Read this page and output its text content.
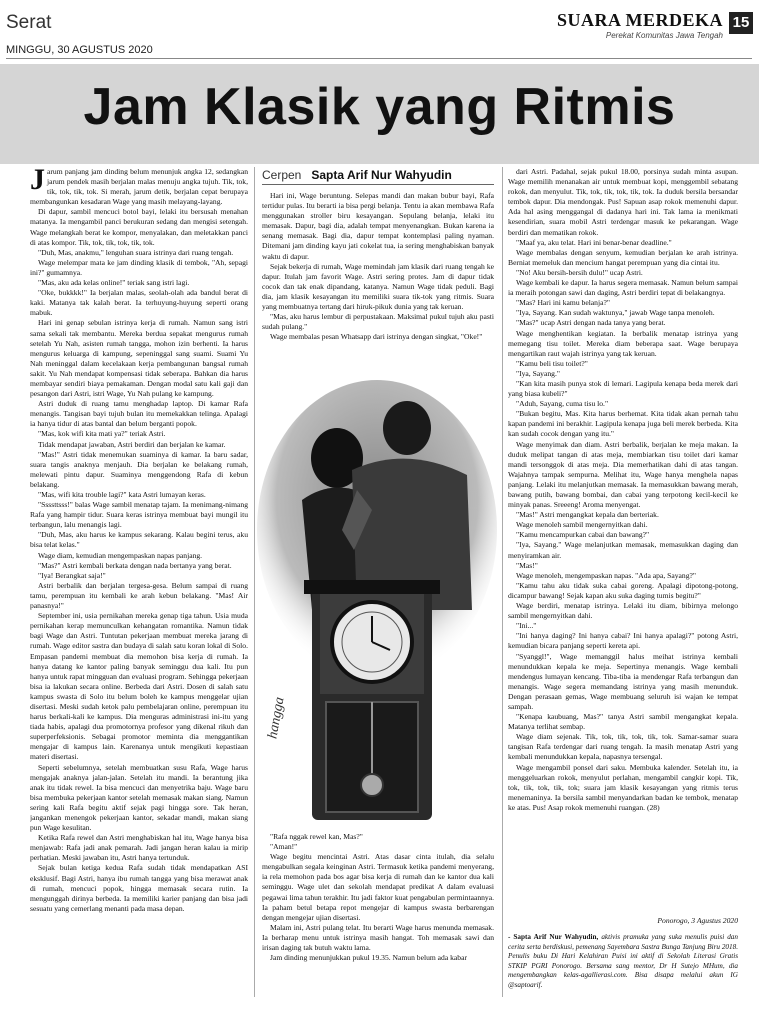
Serat
MINGGU, 30 AGUSTUS 2020
SUARA MERDEKA
Perekat Komunitas Jawa Tengah
15
Jam Klasik yang Ritmis

Jarum panjang jam dinding belum menunjuk angka 12, sedangkan jarum pendek masih berjalan malas menuju angka tujuh. Tik, tok, tik, tok, tik, tok. Si merah, jarum detik, berjalan cepat berupaya membangunkan kesadaran Wage yang masih melayang-layang.

Di dapur, sambil mencuci botol bayi, lelaki itu bersusah menahan matanya. Ia mengambil panci berukuran sedang dan mengisi setengah. Wage melangkah berat ke kompor, menyalakan, dan meletakkan panci di atas kompor. Tik, tok, tik, tok, tik, tok.

"Duh, Mas, anakmu," lenguhan suara istrinya dari ruang tengah.

Wage melempar mata ke jam dinding klasik di tembok, "Ah, sepagi ini?" gumamnya.

"Mas, aku ada kelas online!" teriak sang istri lagi.

"Oke, bukkkk!" Ia berjalan malas, seolah-olah ada bandul berat di kaki. Matanya tak kalah berat. Ia terhuyung-huyung seperti orang mabuk.

Hari ini genap sebulan istrinya kerja di rumah. Namun sang istri sama sekali tak membantu. Mereka berdua sepakat mengurus rumah setelah Yu Nah, asisten rumah tangga, mohon izin berhenti. Ia harus mengurus keluarga di kampung, sepeninggal sang suami. Suami Yu Nah meninggal dalam kecelakaan kerja pembangunan bangsal rumah sakit. Yu Nah mendapat kompensasi tidak seberapa. Bahkan dia harus membayar sendiri biaya pemakaman. Dengan modal satu kali gaji dan pesangon dari Astri, istri Wage, Yu Nah pulang ke kampung.

Astri duduk di ruang tamu menghadap laptop. Di kamar Rafa menangis. Tangisan bayi tujuh bulan itu memekakkan telinga. Apalagi ia hanya tidur di atas bantal dan belum berganti popok.

"Mas, kok wifi kita mati ya?" teriak Astri.

Tidak mendapat jawaban, Astri berdiri dan berjalan ke kamar.

"Mas!" Astri tidak menemukan suaminya di kamar. Ia baru sadar, suara tangis anaknya menjauh. Dia berjalan ke belakang rumah, melewati pintu dapur. Suaminya menggendong Rafa di kebun belakang.

"Mas, wifi kita trouble lagi?" kata Astri lumayan keras.

"Ssssttsss!" balas Wage sambil menatap tajam. Ia menimang-nimang Rafa yang hampir tidur. Suara keras istrinya membuat bayi mungil itu terbangun, lalu menangis lagi.

"Duh, Mas, aku harus ke kampus sekarang. Kalau begini terus, aku bisa telat kelas."

Wage diam, kemudian mengempaskan napas panjang.

"Mas?" Astri kembali berkata dengan nada bertanya yang berat.

"Iya! Berangkat saja!"

Astri berbalik dan berjalan tergesa-gesa. Belum sampai di ruang tamu, perempuan itu kembali ke arah kebun belakang. "Mas! Air panasnya!"

September ini, usia pernikahan mereka genap tiga tahun. Usia muda pernikahan kerap memunculkan kehangatan romantika. Namun tidak bagi Wage dan Astri. Tuntutan pekerjaan membuat mereka jarang di rumah. Wage editor sastra dan budaya di salah satu koran lokal di Solo. Empasan pandemi membuat dia memohon bisa kerja di rumah. Ia hanya datang ke kantor paling banyak seminggu dua kali. Itu pun hanya untuk rapat mingguan dan evaluasi program. Sehingga pekerjaan bisa ia lakukan secara online. Berbeda dari Astri. Dosen di salah satu kampus swasta di Solo itu belum boleh ke kampus menggelar ujian disertasi. Meski sudah ketok palu pembelajaran online, perempuan itu harus berkali-kali ke kampus. Dia menguras administrasi ini-itu yang tiada habis, apalagi dua promotornya profesor yang dikenal rikuh dan superperfeksionis. Sebagai promotor meminta dia menggantikan mengajar di kampus lain. Karenanya untuk mengikuti kepastiaan materi disertasi.

Seperti sebelumnya, setelah membuatkan susu Rafa, Wage harus mengajak anaknya jalan-jalan. Setelah itu mandi. Ia berantung jika anak itu tidak rewel. Ia bisa mencuci dan menyetrika baju. Wage baru bisa membuka pekerjaan kantor setelah memasak makan siang. Namun sering kali Rafa begitu aktif sejak pagi hingga sore. Tak heran, jangankan menengok pekerjaan kantor, sekadar mandi, makan siang pun Wage kesulitan.

Ketika Rafa rewel dan Astri menghabiskan hal itu, Wage hanya bisa menjawab: Rafa jadi anak pemarah. Jadi jangan heran kalau ia mirip perhatian. Meski jawaban itu, Astri hanya tertunduk.

Sejak bulan ketiga kedua Rafa sudah tidak mendapatkan ASI eksklusif. Bagi Astri, hanya ibu rumah tangga yang bisa merawat anak di rumah, mencuci popok, hingga memasak secara rutin. Ia mengunggah dirinya berbeda. Ia memiliki karier panjang dan bisa jadi sesuatu yang cemerlang menanti pada masa depan.

Cerpen Sapta Arif Nur Wahyudin

Hari ini, Wage beruntung. Selepas mandi dan makan bubur bayi, Rafa tertidur pulas. Itu berarti ia bisa pergi belanja. Tentu ia akan membawa Rafa menggunakan stroller biru kesayangan. Sepulang belanja, lelaki itu memasak. Dapur, bagi dia, adalah tempat menyenangkan. Bukan karena ia senang memasak. Bagi dia, dapur tempat kontemplasi paling nyaman. Ditemani jam dinding kayu jati cokelat tua, ia sering menghabiskan banyak waktu di dapur.

Sejak bekerja di rumah, Wage memindah jam klasik dari ruang tengah ke dapur. Itulah jam favorit Wage. Astri sering protes. Jam di dapur tidak cocok dan tak enak dipandang, katanya. Namun Wage tidak peduli. Bagi dia, jam klasik kesayangan itu memiliki suara tik-tok yang ritmis. Suara yang membuatnya tertang dari hiruk-pikuk dunia yang tak keruan.

"Mas, aku harus lembur di perpustakaan. Maksimal pukul tujuh aku pasti sudah pulang."

Wage membalas pesan Whatsapp dari istrinya dengan singkat, "Oke!"

hangga

"Rafa nggak rewel kan, Mas?"

"Aman!"

Wage begitu mencintai Astri. Atas dasar cinta itulah, dia selalu mengabulkan segala keinginan Astri. Termasuk ketika pandemi menyerang, ia rela memohon pada bos agar bisa kerja di rumah dan ke kantor dua kali seminggu. Wage ulet dan sekolah mendapat predikat A dalam evaluasi pegawai lima tahun terakhir. Itu jadi faktor kuat pengabulan permintaannya. Ia paham betul betapa repot mengejar di kampus swasta berbarengan dengan mengejar ujian disertasi.

Malam ini, Astri pulang telat. Itu berarti Wage harus menunda memasak. Ia berharap menu untuk istrinya masih hangat. Toh memasak sawi dan irisan daging tak butuh waktu lama.

Jam dinding menunjukkan pukul 19.35. Namun belum ada kabar

dari Astri. Padahal, sejak pukul 18.00, porsinya sudah minta asupan. Wage memilih menanakan air untuk membuat kopi, menggembil sebatang rokok, dan menyulut. Tik, tok, tik, tok, tik, tok. Ia duduk bersila bersandar tembok dapur. Dia mendongak. Pus! Sapuan asap rokok memenuhi dapur. Ada hal asing menggangal di dadanya hari ini. Tak lama ia menikmati kesendirian, suara mobil Astri terdengar masuk ke pekarangan. Wage berdiri dan mematikan rokok.

"Maaf ya, aku telat. Hari ini benar-benar deadline."

Wage membalas dengan senyum, kemudian berjalan ke arah istrinya. Berniat memeluk dan mencium hangat perempuan yang dia cintai itu.

"No! Aku bersih-bersih dulu!" ucap Astri.

Wage kembali ke dapur. Ia harus segera memasak. Namun belum sampai ia meraih potongan sawi dan daging, Astri berdiri tepat di belakangnya.

"Mas? Hari ini kamu belanja?"

"Iya, Sayang. Kan sudah waktunya," jawab Wage tanpa menoleh.

"Mas?" ucap Astri dengan nada tanya yang berat.

Wage menghentikan kegiatan. Ia berbalik menatap istrinya yang memegang tisu toilet. Mereka diam beberapa saat. Wage berupaya mengartikan raut wajah istrinya yang tak keruan.

"Kamu beli tisu toilet?"

"Iya, Sayang."

"Kan kita masih punya stok di lemari. Lagipula kenapa beda merek dari yang biasa kubeli?"

"Aduh, Sayang, cuma tisu lo."

"Bukan begitu, Mas. Kita harus berhemat. Kita tidak akan pernah tahu kapan pandemi ini berakhir. Lagipula kenapa juga beli merek berbeda. Kita kan sudah cocok dengan yang itu."

Wage menyimak dan diam. Astri berbalik, berjalan ke meja makan. Ia duduk melipat tangan di atas meja, membiarkan tisu toilet dari kamar mandi tersonggok di atas meja. Dia memerhatikan dahi di atas tangan. Wajahnya tampak sempurna. Melihat itu, Wage hanya menghela napas panjang. Lelaki itu melanjutkan memasak. Ia memasukkan bawang merah, bawang putih, bawang bombai, dan cabai yang terpotong kecil-kecil ke minyak panas. Sreeeng! Aroma menyengat.

"Mas!" Astri mengangkat kepala dan berteriak.

Wage menoleh sambil mengernyitkan dahi.

"Kamu mencampurkan cabai dan bawang?"

"Iya, Sayang." Wage melanjutkan memasak, memasukkan daging dan menyiramkan air.

"Mas!"

Wage menoleh, mengempaskan napas. "Ada apa, Sayang?"

"Kamu tahu aku tidak suka cabai goreng. Apalagi dipotong-potong, dicampur bawang! Sejak kapan aku suka daging tumis begitu?"

Wage berdiri, menatap istrinya. Lelaki itu diam, bibirnya melongo sambil mengernyitkan dahi.

"Ini..."

"Ini hanya daging? Ini hanya cabai? Ini hanya apalagi?" potong Astri, kemudian bicara panjang seperti kereta api.

"Syanggl!", Wage memanggil halus meihat istrinya kembali menundukkan kepala ke meja. Sepertinya menangis. Wage kembali mendengus lumayan kencang. Tiba-tiba ia mendengar Rafa terbangun dan menangis. Wage segera memandang istrinya yang masih menunduk. Dengan perasaan gemas, Wage membuang seluruh isi wajan ke tempat sampah.

"Kenapa kaubuang, Mas?" tanya Astri sambil mengangkat kepala. Matanya terlihat sembap.

Wage diam sejenak. Tik, tok, tik, tok, tik, tok. Samar-samar suara tangisan Rafa terdengar dari ruang tengah. Ia masih menatap Astri yang kembali menundukkan kepala, napasnya tersengal.

Wage mengambil ponsel dari saku. Membuka kalender. Setelah itu, ia menggeluarkan rokok, menyulut perlahan, mengambil cangkir kopi. Tik, tok, tik, tok, tik, tok; suara jam klasik kesayangan yang ritmis terus menemaninya. Ia bersila sambil menyandarkan badan ke tembok, menatap ke atas. Pus! Asap rokok memenuhi ruangan. (28)

Ponorogo, 3 Agustus 2020
- Sapta Arif Nur Wahyudin, aktivis pramuka yang suka menulis puisi dan cerita serta berdiskusi, pemenang Sayembara Sastra Bunga Tanjung Biru 2018. Penulis buku Di Hari Kelahiran Puisi ini aktif di Sekolah Literasi Gratis STKIP PGRI Ponorogo. Bersama sang mentor, Dr H Sutejo MHum, dia mengembangkan kelas-agallierasi.com. Bisa disapa melalui akun IG @saptoarif.
